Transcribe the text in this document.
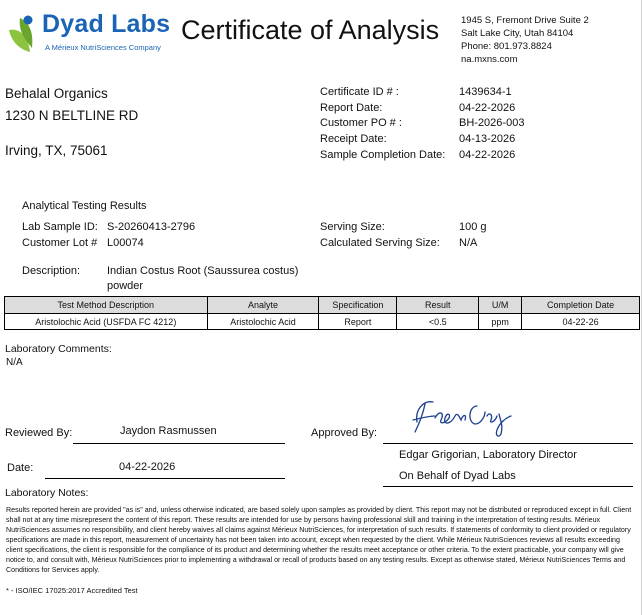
Dyad Labs
A Mérieux NutriSciences Company
Certificate of Analysis 1945 S, Fremont Drive Suite 2
Salt Lake City, Utah 84104
Phone: 801.973.8824
na.mxns.com
Behalal Organics
1230 N BELTLINE RD
Irving, TX, 75061
Certificate ID # :	1439634-1
Report Date:	04-22-2026
Customer PO # :	BH-2026-003
Receipt Date:	04-13-2026
Sample Completion Date: 04-22-2026
Analytical Testing Results
Lab Sample ID: S-20260413-2796
Customer Lot # L00074
Serving Size:	100 g
Calculated Serving Size: N/A
Description: Indian Costus Root (Saussurea costus)
powder
Test Method Description	Analyte	Specification	Result	U/M	Completion Date
Aristolochic Acid (USFDA FC 4212)	Aristolochic Acid	Report	<0.5	ppm	04-22-26
Laboratory Comments:
N/A
Reviewed By:	Jaydon Rasmussen	Approved By:
Edgar Grigorian, Laboratory Director
On Behalf of Dyad Labs
Date:	04-22-2026
Laboratory Notes:
Results reported herein are provided "as is" and, unless otherwise indicated, are based solely upon samples as provided by client. This report may not be distributed or reproduced except in full. Client shall not at any time misrepresent the content of this report. These results are intended for use by persons having professional skill and training in the interpretation of testing results. Mérieux NutriSciences assumes no responsibility, and client hereby waives all claims against Mérieux NutriSciences, for interpretation of such results. If statements of conformity to client provided or regulatory specifications are made in this report, measurement of uncertainty has not been taken into account, except when requested by the client. While Mérieux NutriSciences reviews all results exceeding client specifications, the client is responsible for the compliance of its product and determining whether the results meet acceptance or other criteria. To the extent practicable, your company will give notice to, and consult with, Mérieux NutriSciences prior to implementing a withdrawal or recall of products based on any testing results. Except as otherwise stated, Mérieux NutriSciences Terms and Conditions for Services apply.
* - ISO/IEC 17025:2017 Accredited Test
